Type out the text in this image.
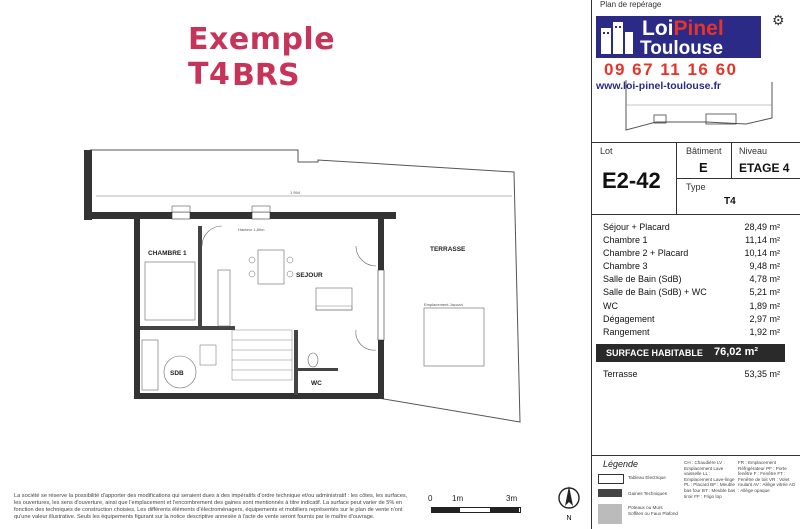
Exemple T4 BRS
1 594
Emplacement Jacuzzi
Hauteur 1,80m
CHAMBRE 1
SEJOUR
TERRASSE
SDB
WC
La société se réserve la possibilité d'apporter des modifications qui seraient dues à des impératifs d'ordre technique et/ou administratif : les côtes, les surfaces, les ouvertures, les sens d'ouverture, ainsi que l'emplacement et l'encombrement des gaines sont mentionnés à titre indicatif. La surface peut varier de 5% en fonction des techniques de construction choisies. Les différents éléments d'électroménagers, équipements et mobiliers représentés sur le plan de vente n'ont qu'une valeur illustrative. Seuls les équipements figurant sur la notice descriptive annexée à l'acte de vente seront fournis par le maître d'ouvrage.
0 1m	3m
N
Plan de repérage
⚙
LoiPinel
Toulouse
09 67 11 16 60
www.loi-pinel-toulouse.fr
Lot	Bâtiment Niveau
E2-42
E	ETAGE 4
Type
T4
Séjour + Placard	28,49 m²
Chambre 1	11,14 m²
Chambre 2 + Placard	10,14 m²
Chambre 3	9,48 m²
Salle de Bain (SdB)	4,78 m²
Salle de Bain (SdB) + WC	5,21 m²
WC	1,89 m²
Dégagement	2,97 m²
Rangement	1,92 m²
SURFACE HABITABLE 76,02 m²
Terrasse	53,35 m²
Légende
Tableau Electrique
Gaines Techniques
Poteaux ou Murs Soffites ou Faux Plafond
CH : Chaudière LV : Emplacement Lave vaisselle LL : Emplacement Lave-linge PL : Placard BF : Meuble bas four BT : Meuble bas tiroir FF : Frigo top
FR : Emplacement Réfrigérateur PF : Porte fenêtre F : Fenêtre FT : Fenêtre de toit VR : Volet roulant AV : Allège vitrée AO : Allège opaque
